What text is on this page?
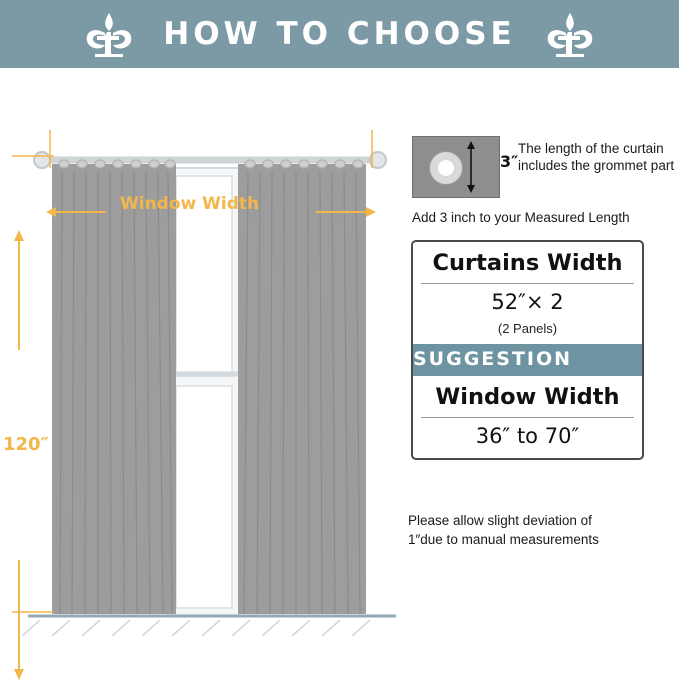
HOW TO CHOOSE
Window Width
120″
3″
The length of the curtain includes the grommet part
Add 3 inch to your Measured Length
Curtains Width
52″× 2
(2 Panels)
SUGGESTION
Window Width
36″ to 70″
Please allow slight deviation of
1″due to manual measurements
